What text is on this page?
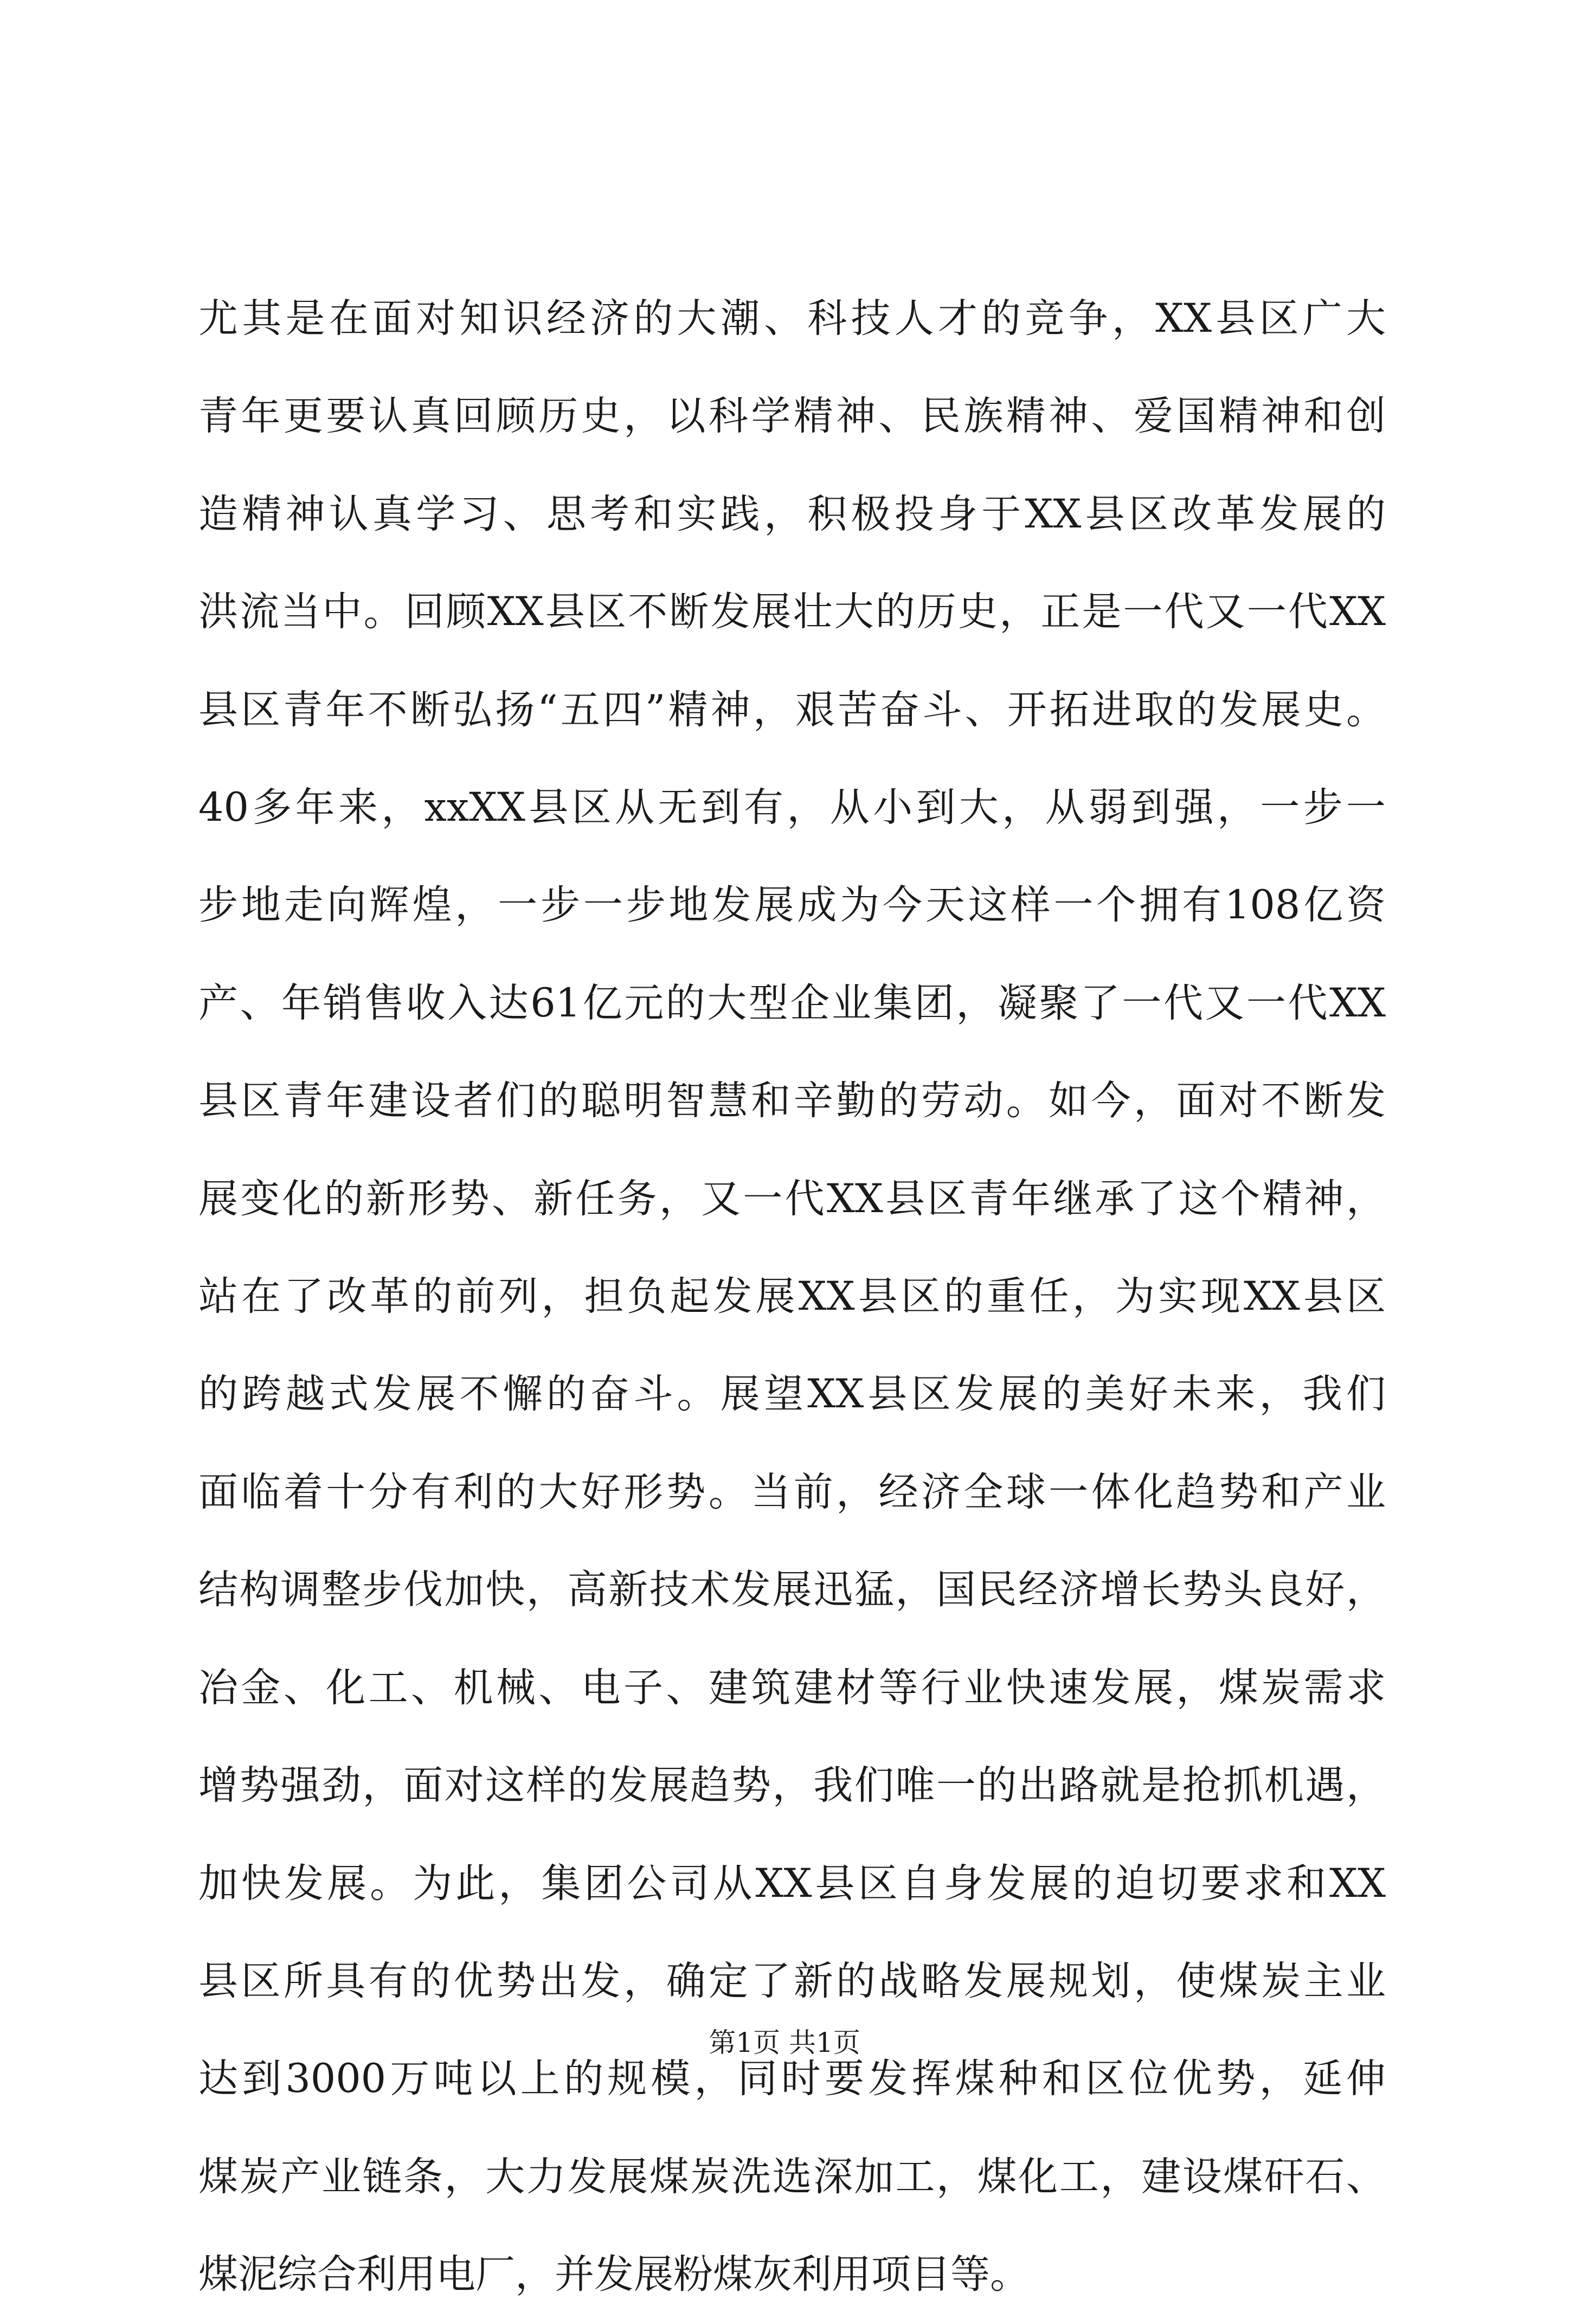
尤其是在面对知识经济的大潮、科技人才的竞争，XX县区广大
青年更要认真回顾历史，以科学精神、民族精神、爱国精神和创
造精神认真学习、思考和实践，积极投身于XX县区改革发展的
洪流当中。回顾XX县区不断发展壮大的历史，正是一代又一代XX
县区青年不断弘扬“五四”精神，艰苦奋斗、开拓进取的发展史。
40多年来，xxXX县区从无到有，从小到大，从弱到强，一步一
步地走向辉煌，一步一步地发展成为今天这样一个拥有108亿资
产、年销售收入达61亿元的大型企业集团，凝聚了一代又一代XX
县区青年建设者们的聪明智慧和辛勤的劳动。如今，面对不断发
展变化的新形势、新任务，又一代XX县区青年继承了这个精神，
站在了改革的前列，担负起发展XX县区的重任，为实现XX县区
的跨越式发展不懈的奋斗。展望XX县区发展的美好未来，我们
面临着十分有利的大好形势。当前，经济全球一体化趋势和产业
结构调整步伐加快，高新技术发展迅猛，国民经济增长势头良好，
冶金、化工、机械、电子、建筑建材等行业快速发展，煤炭需求
增势强劲，面对这样的发展趋势，我们唯一的出路就是抢抓机遇，
加快发展。为此，集团公司从XX县区自身发展的迫切要求和XX
县区所具有的优势出发，确定了新的战略发展规划，使煤炭主业
达到3000万吨以上的规模，同时要发挥煤种和区位优势，延伸
煤炭产业链条，大力发展煤炭洗选深加工，煤化工，建设煤矸石、
煤泥综合利用电厂，并发展粉煤灰利用项目等。
第1页 共1页
